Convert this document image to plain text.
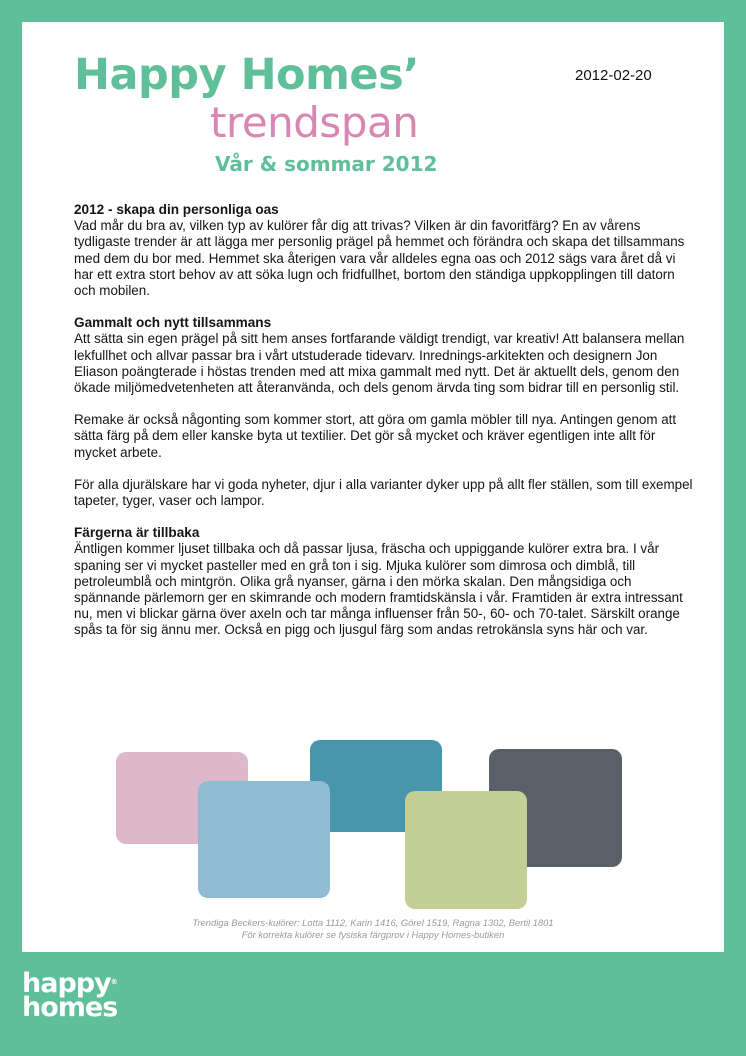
Happy Homes’
trendspan
Vår & sommar 2012
2012-02-20
2012 - skapa din personliga oas

Vad mår du bra av, vilken typ av kulörer får dig att trivas? Vilken är din favoritfärg? En av vårens tydligaste trender är att lägga mer personlig prägel på hemmet och förändra och skapa det tillsammans med dem du bor med. Hemmet ska återigen vara vår alldeles egna oas och 2012 sägs vara året då vi har ett extra stort behov av att söka lugn och fridfullhet, bortom den ständiga uppkopplingen till datorn och mobilen.

Gammalt och nytt tillsammans

Att sätta sin egen prägel på sitt hem anses fortfarande väldigt trendigt, var kreativ! Att balansera mellan lekfullhet och allvar passar bra i vårt utstuderade tidevarv. Inrednings-arkitekten och designern Jon Eliason poängterade i höstas trenden med att mixa gammalt med nytt. Det är aktuellt dels, genom den ökade miljömedvetenheten att återanvända, och dels genom ärvda ting som bidrar till en personlig stil.

Remake är också någonting som kommer stort, att göra om gamla möbler till nya. Antingen genom att sätta färg på dem eller kanske byta ut textilier. Det gör så mycket och kräver egentligen inte allt för mycket arbete.

För alla djurälskare har vi goda nyheter, djur i alla varianter dyker upp på allt fler ställen, som till exempel tapeter, tyger, vaser och lampor.

Färgerna är tillbaka

Äntligen kommer ljuset tillbaka och då passar ljusa, fräscha och uppiggande kulörer extra bra. I vår spaning ser vi mycket pasteller med en grå ton i sig. Mjuka kulörer som dimrosa och dimblå, till petroleumblå och mintgrön. Olika grå nyanser, gärna i den mörka skalan. Den mångsidiga och spännande pärlemorn ger en skimrande och modern framtidskänsla i vår. Framtiden är extra intressant nu, men vi blickar gärna över axeln och tar många influenser från 50-, 60- och 70-talet. Särskilt orange spås ta för sig ännu mer. Också en pigg och ljusgul färg som andas retrokänsla syns här och var.

Trendiga Beckers-kulörer: Lotta 1112, Karin 1416, Görel 1519, Ragna 1302, Bertil 1801
För korrekta kulörer se fysiska färgprov i Happy Homes-butiken
happy®
homes
